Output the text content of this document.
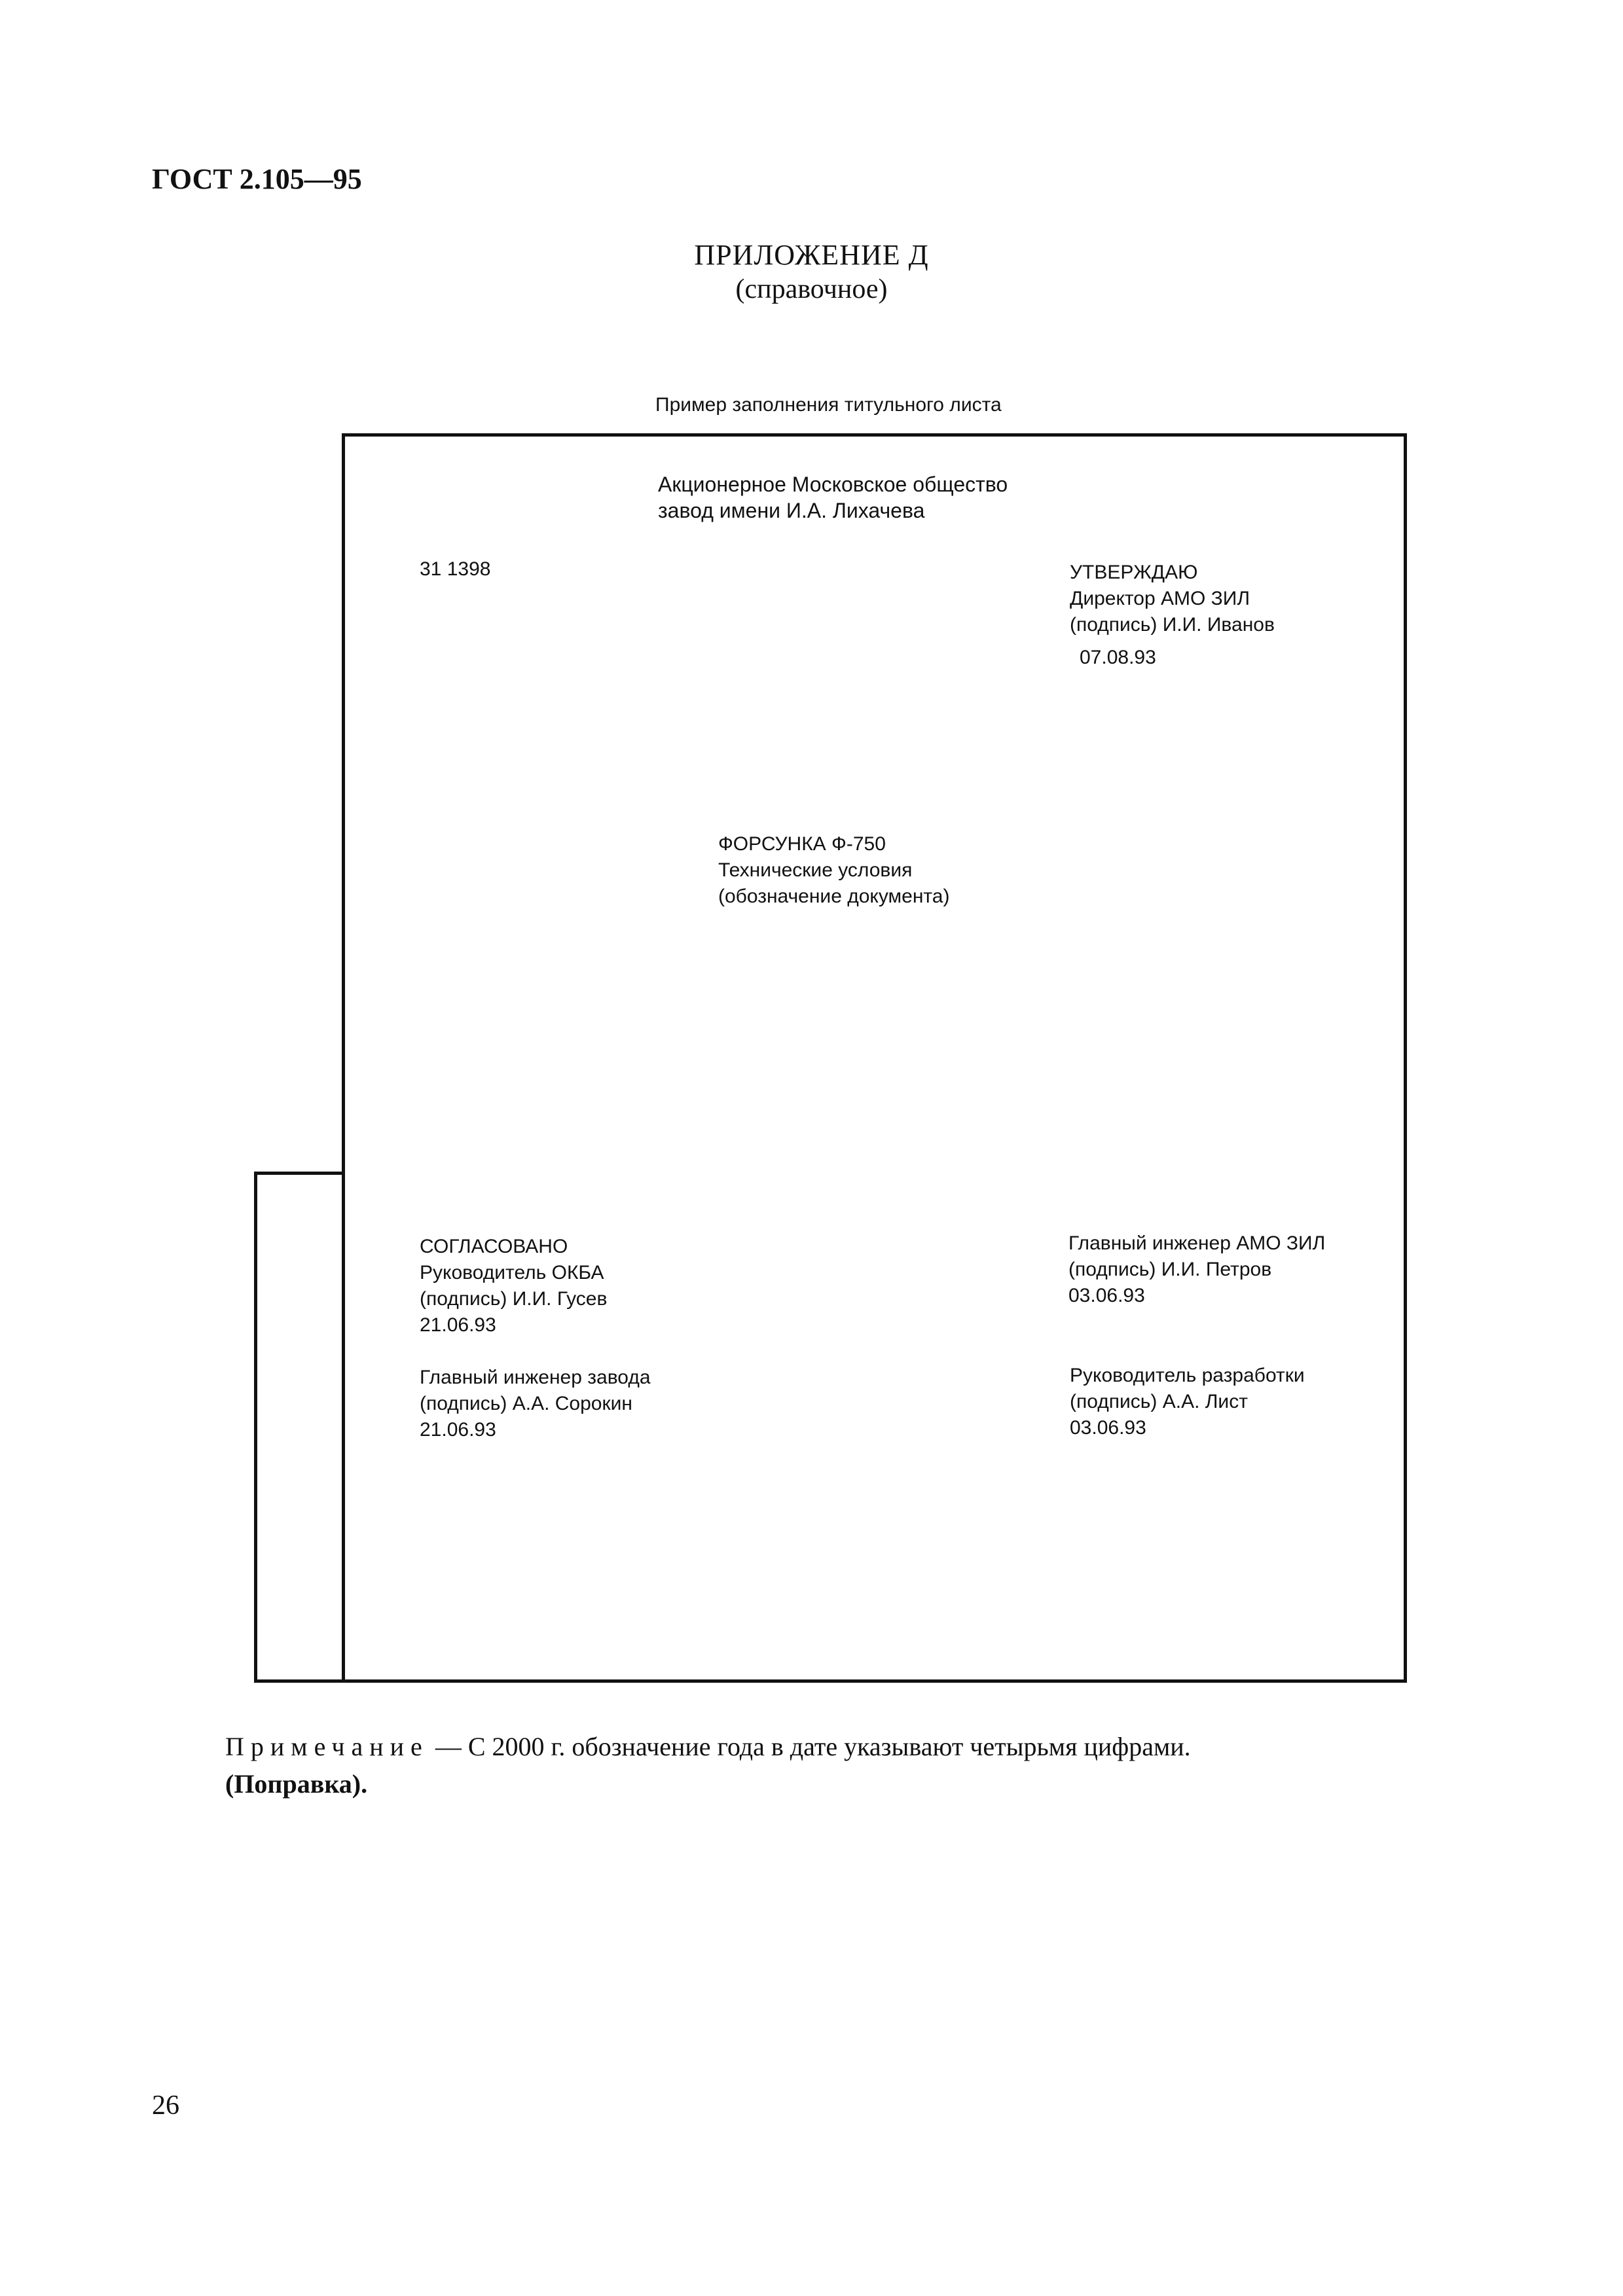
ГОСТ 2.105—95
ПРИЛОЖЕНИЕ Д
(справочное)
Пример заполнения титульного листа
Акционерное Московское общество
завод имени И.А. Лихачева
31 1398	УТВЕРЖДАЮ
Директор АМО ЗИЛ
(подпись) И.И. Иванов
07.08.93
ФОРСУНКА Ф-750
Технические условия
(обозначение документа)
СОГЛАСОВАНО
Руководитель ОКБА
(подпись) И.И. Гусев
21.06.93
Главный инженер завода
(подпись) А.А. Сорокин
21.06.93
Главный инженер АМО ЗИЛ
(подпись) И.И. Петров
03.06.93
Руководитель разработки
(подпись) А.А. Лист
03.06.93
Примечание — С 2000 г. обозначение года в дате указывают четырьмя цифрами.
(Поправка).
26
